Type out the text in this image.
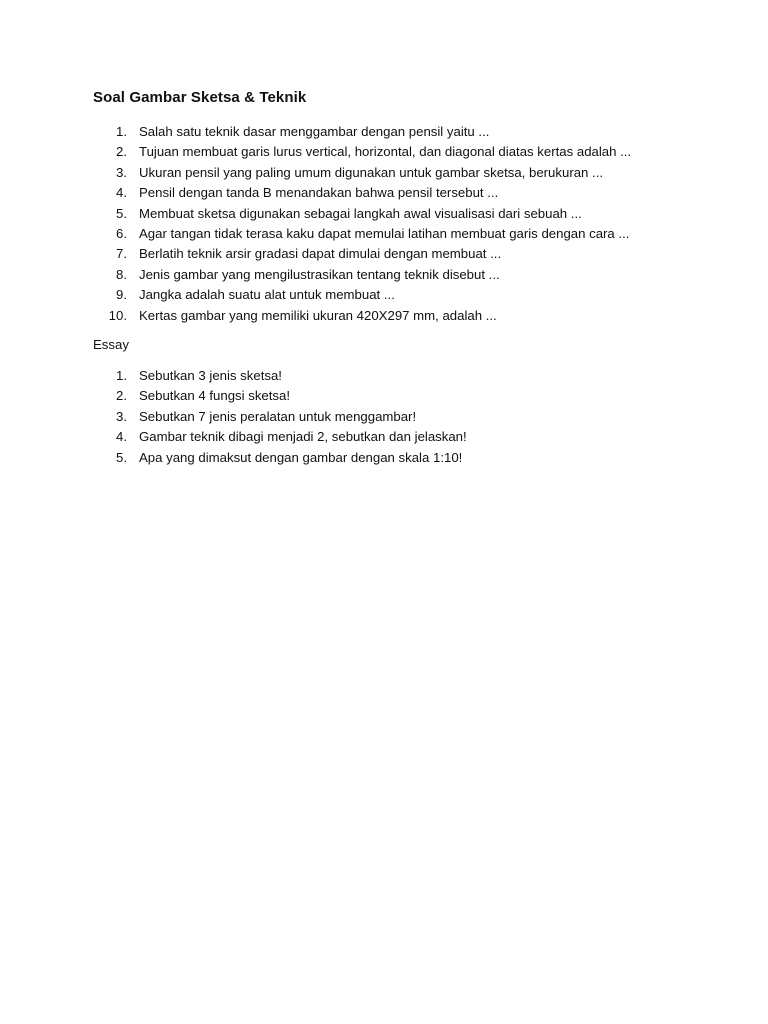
Soal Gambar Sketsa & Teknik
1. Salah satu teknik dasar menggambar dengan pensil yaitu ...
2. Tujuan membuat garis lurus vertical, horizontal, dan diagonal diatas kertas adalah ...
3. Ukuran pensil yang paling umum digunakan untuk gambar sketsa, berukuran ...
4. Pensil dengan tanda B menandakan bahwa pensil tersebut ...
5. Membuat sketsa digunakan sebagai langkah awal visualisasi dari sebuah ...
6. Agar tangan tidak terasa kaku dapat memulai latihan membuat garis dengan cara ...
7. Berlatih teknik arsir gradasi dapat dimulai dengan membuat ...
8. Jenis gambar yang mengilustrasikan tentang teknik disebut ...
9. Jangka adalah suatu alat untuk membuat ...
10. Kertas gambar yang memiliki ukuran 420X297 mm, adalah ...
Essay
1. Sebutkan 3 jenis sketsa!
2. Sebutkan 4 fungsi sketsa!
3. Sebutkan 7 jenis peralatan untuk menggambar!
4. Gambar teknik dibagi menjadi 2, sebutkan dan jelaskan!
5. Apa yang dimaksut dengan gambar dengan skala 1:10!
